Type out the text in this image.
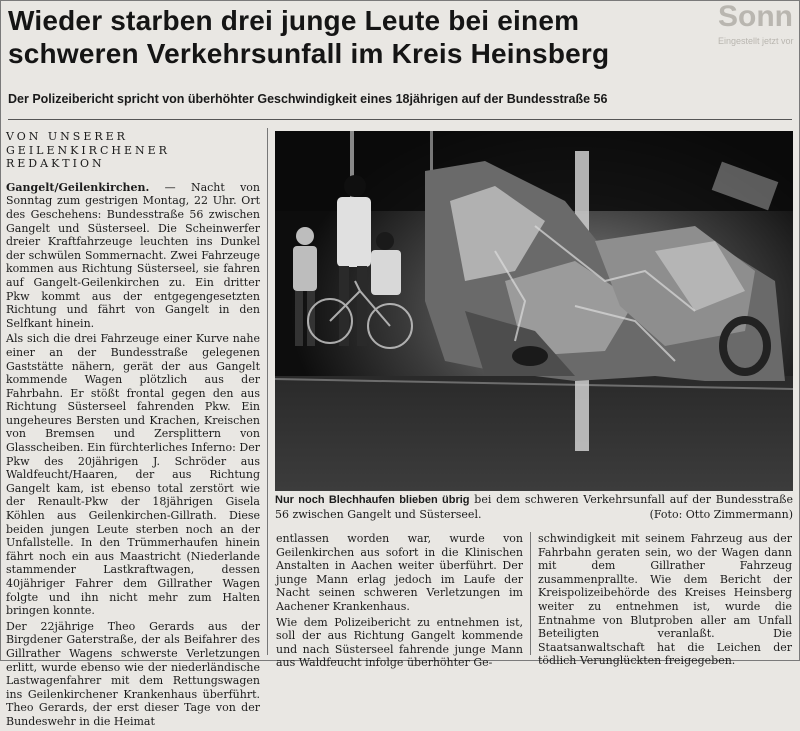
Wieder starben drei junge Leute bei einem
schweren Verkehrsunfall im Kreis Heinsberg
Der Polizeibericht spricht von überhöhter Geschwindigkeit eines 18jährigen auf der Bundesstraße 56
Sonn
Eingestellt jetzt vor

VON UNSERER GEILENKIRCHENER
REDAKTION

Gangelt/Geilenkirchen. — Nacht von Sonntag zum gestrigen Montag, 22 Uhr. Ort des Geschehens: Bundesstraße 56 zwischen Gangelt und Süsterseel. Die Scheinwerfer dreier Kraftfahrzeuge leuchten ins Dunkel der schwülen Sommernacht. Zwei Fahrzeuge kommen aus Richtung Süsterseel, sie fahren auf Gangelt-Geilenkirchen zu. Ein dritter Pkw kommt aus der entgegengesetzten Richtung und fährt von Gangelt in den Selfkant hinein.

Als sich die drei Fahrzeuge einer Kurve nahe einer an der Bundesstraße gelegenen Gaststätte nähern, gerät der aus Gangelt kommende Wagen plötzlich aus der Fahrbahn. Er stößt frontal gegen den aus Richtung Süsterseel fahrenden Pkw. Ein ungeheures Bersten und Krachen, Kreischen von Bremsen und Zersplittern von Glasscheiben. Ein fürchterliches Inferno: Der Pkw des 20jährigen J. Schröder aus Waldfeucht/Haaren, der aus Richtung Gangelt kam, ist ebenso total zerstört wie der Renault-Pkw der 18jährigen Gisela Köhlen aus Geilenkirchen-Gillrath. Diese beiden jungen Leute sterben noch an der Unfallstelle. In den Trümmerhaufen hinein fährt noch ein aus Maastricht (Niederlande stammender Lastkraftwagen, dessen 40jähriger Fahrer dem Gillrather Wagen folgte und ihn nicht mehr zum Halten bringen konnte.

Der 22jährige Theo Gerards aus der Birgdener Gaterstraße, der als Beifahrer des Gillrather Wagens schwerste Verletzungen erlitt, wurde ebenso wie der niederländische Lastwagenfahrer mit dem Rettungswagen ins Geilenkirchener Krankenhaus überführt. Theo Gerards, der erst dieser Tage von der Bundeswehr in die Heimat

Nur noch Blechhaufen blieben übrig bei dem schweren Verkehrsunfall auf der Bundesstraße 56 zwischen Gangelt und Süsterseel.	(Foto: Otto Zimmermann)

entlassen worden war, wurde von Geilenkirchen aus sofort in die Klinischen Anstalten in Aachen weiter überführt. Der junge Mann erlag jedoch im Laufe der Nacht seinen schweren Verletzungen im Aachener Krankenhaus.

Wie dem Polizeibericht zu entnehmen ist, soll der aus Richtung Gangelt kommende und nach Süsterseel fahrende junge Mann aus Waldfeucht infolge überhöhter Ge-

schwindigkeit mit seinem Fahrzeug aus der Fahrbahn geraten sein, wo der Wagen dann mit dem Gillrather Fahrzeug zusammenprallte. Wie dem Bericht der Kreispolizeibehörde des Kreises Heinsberg weiter zu entnehmen ist, wurde die Entnahme von Blutproben aller am Unfall Beteiligten veranlaßt. Die Staatsanwaltschaft hat die Leichen der tödlich Verunglückten freigegeben.
